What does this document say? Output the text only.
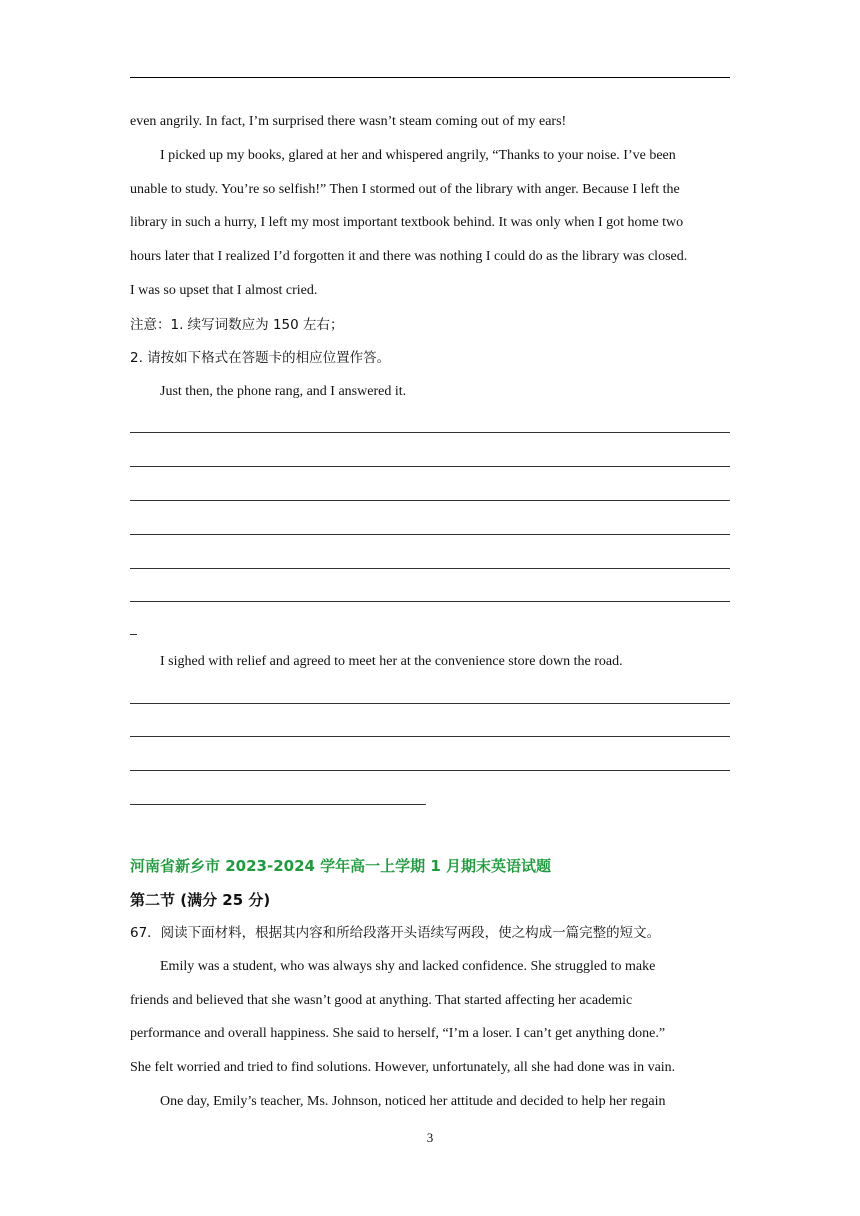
even angrily. In fact, I’m surprised there wasn’t steam coming out of my ears!
I picked up my books, glared at her and whispered angrily, “Thanks to your noise. I’ve been
unable to study. You’re so selfish!” Then I stormed out of the library with anger. Because I left the
library in such a hurry, I left my most important textbook behind. It was only when I got home two
hours later that I realized I’d forgotten it and there was nothing I could do as the library was closed.
I was so upset that I almost cried.
注意：1. 续写词数应为 150 左右；
2. 请按如下格式在答题卡的相应位置作答。
Just then, the phone rang, and I answered it.
I sighed with relief and agreed to meet her at the convenience store down the road.
河南省新乡市 2023-2024 学年高一上学期 1 月期末英语试题
第二节 (满分 25 分)
67．阅读下面材料，根据其内容和所给段落开头语续写两段，使之构成一篇完整的短文。
Emily was a student, who was always shy and lacked confidence. She struggled to make
friends and believed that she wasn’t good at anything. That started affecting her academic
performance and overall happiness. She said to herself, “I’m a loser. I can’t get anything done.”
She felt worried and tried to find solutions. However, unfortunately, all she had done was in vain.
One day, Emily’s teacher, Ms. Johnson, noticed her attitude and decided to help her regain
3
